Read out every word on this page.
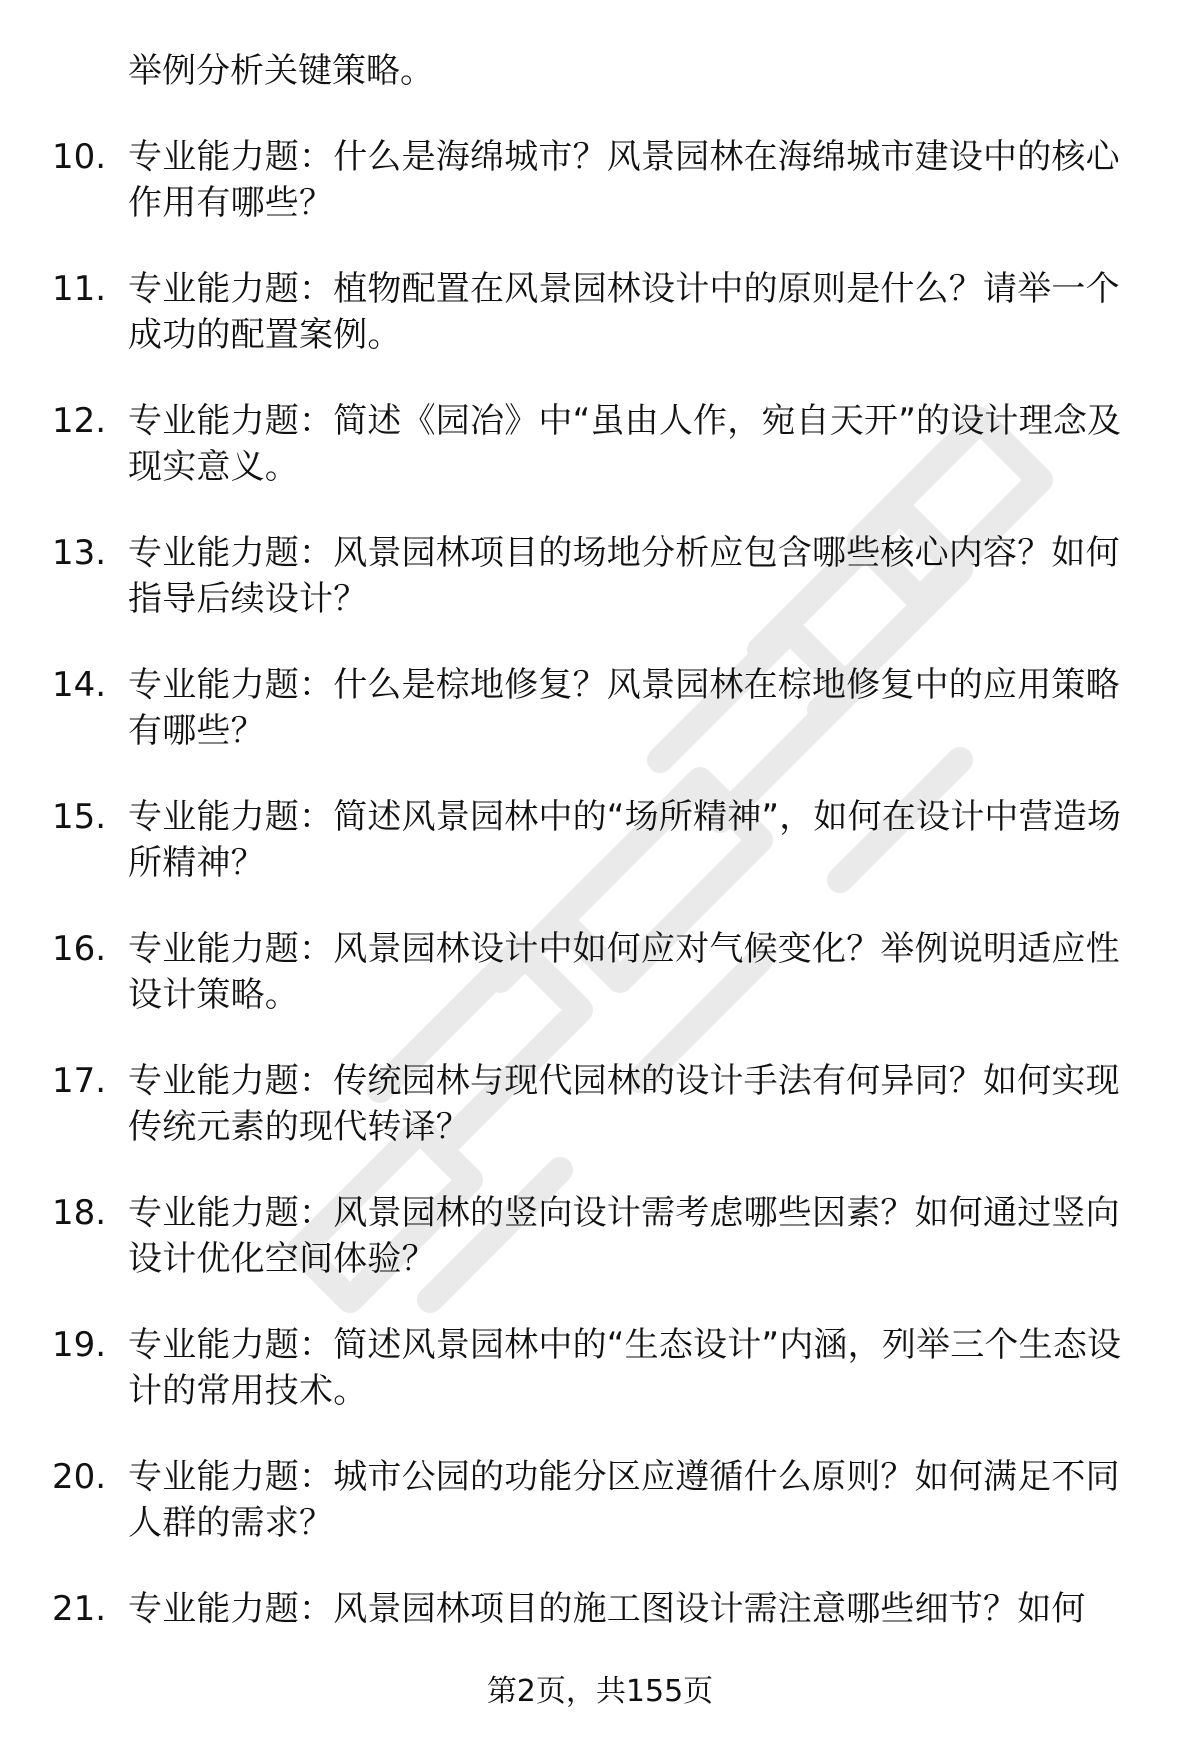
举例分析关键策略。
10. 专业能力题：什么是海绵城市？风景园林在海绵城市建设中的核心作用有哪些？
11. 专业能力题：植物配置在风景园林设计中的原则是什么？请举一个成功的配置案例。
12. 专业能力题：简述《园冶》中“虽由人作，宛自天开”的设计理念及现实意义。
13. 专业能力题：风景园林项目的场地分析应包含哪些核心内容？如何指导后续设计？
14. 专业能力题：什么是棕地修复？风景园林在棕地修复中的应用策略有哪些？
15. 专业能力题：简述风景园林中的“场所精神”，如何在设计中营造场所精神？
16. 专业能力题：风景园林设计中如何应对气候变化？举例说明适应性设计策略。
17. 专业能力题：传统园林与现代园林的设计手法有何异同？如何实现传统元素的现代转译？
18. 专业能力题：风景园林的竖向设计需考虑哪些因素？如何通过竖向设计优化空间体验？
19. 专业能力题：简述风景园林中的“生态设计”内涵，列举三个生态设计的常用技术。
20. 专业能力题：城市公园的功能分区应遵循什么原则？如何满足不同人群的需求？
21. 专业能力题：风景园林项目的施工图设计需注意哪些细节？如何
第2页，共155页
